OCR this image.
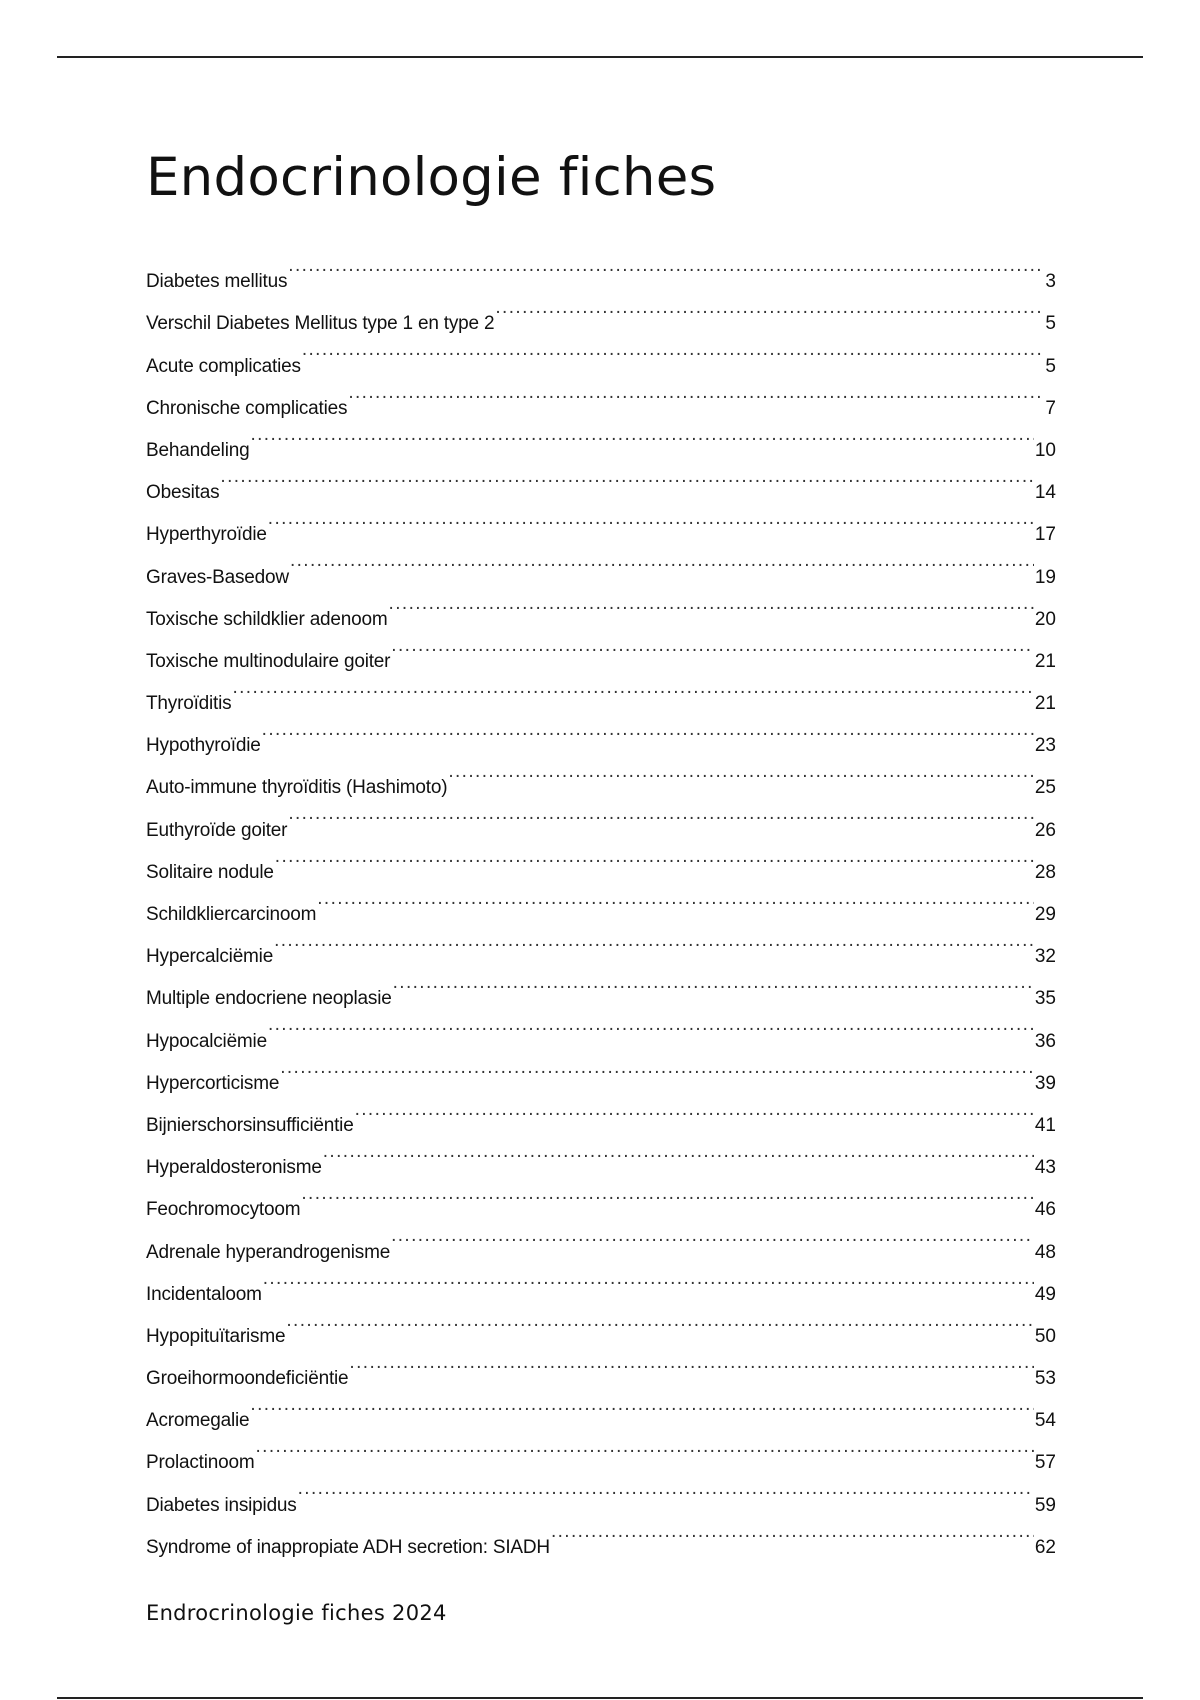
Endocrinologie fiches
Diabetes mellitus .....	3
Verschil Diabetes Mellitus type 1 en type 2 .....	5
Acute complicaties .....	5
Chronische complicaties .....	7
Behandeling .....	10
Obesitas .....	14
Hyperthyroïdie .....	17
Graves-Basedow .....	19
Toxische schildklier adenoom .....	20
Toxische multinodulaire goiter .....	21
Thyroïditis .....	21
Hypothyroïdie .....	23
Auto-immune thyroïditis (Hashimoto) .....	25
Euthyroïde goiter .....	26
Solitaire nodule .....	28
Schildkliercarcinoom .....	29
Hypercalciëmie .....	32
Multiple endocriene neoplasie .....	35
Hypocalciëmie .....	36
Hypercorticisme .....	39
Bijnierschorsinsufficiëntie .....	41
Hyperaldosteronisme .....	43
Feochromocytoom .....	46
Adrenale hyperandrogenisme .....	48
Incidentaloom .....	49
Hypopituïtarisme .....	50
Groeihormoondeficiëntie .....	53
Acromegalie .....	54
Prolactinoom .....	57
Diabetes insipidus .....	59
Syndrome of inappropiate ADH secretion: SIADH .....	62

Endrocrinologie fiches 2024
